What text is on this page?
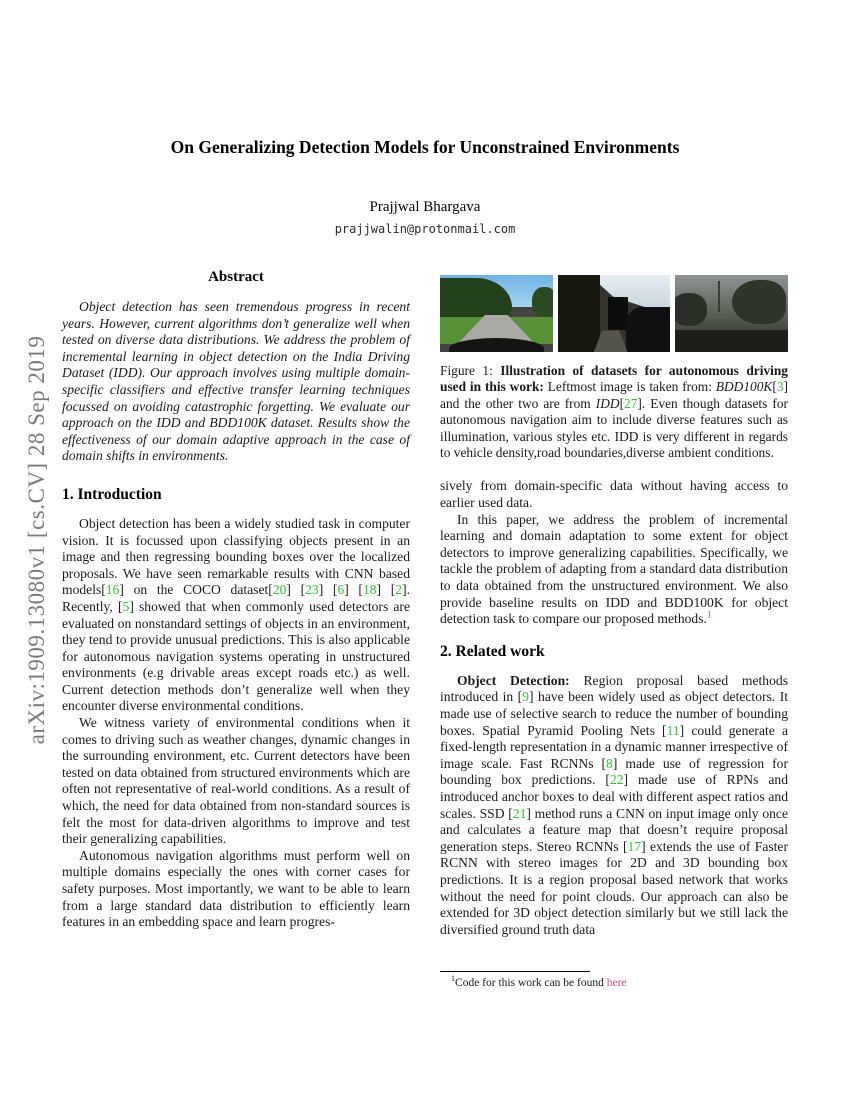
arXiv:1909.13080v1 [cs.CV] 28 Sep 2019
On Generalizing Detection Models for Unconstrained Environments
Prajjwal Bhargava
prajjwalin@protonmail.com
Abstract

Object detection has seen tremendous progress in recent years. However, current algorithms don’t generalize well when tested on diverse data distributions. We address the problem of incremental learning in object detection on the India Driving Dataset (IDD). Our approach involves using multiple domain-specific classifiers and effective transfer learning techniques focussed on avoiding catastrophic forgetting. We evaluate our approach on the IDD and BDD100K dataset. Results show the effectiveness of our domain adaptive approach in the case of domain shifts in environments.

1. Introduction

Object detection has been a widely studied task in computer vision. It is focussed upon classifying objects present in an image and then regressing bounding boxes over the localized proposals. We have seen remarkable results with CNN based models[16] on the COCO dataset[20] [23] [6] [18] [2]. Recently, [5] showed that when commonly used detectors are evaluated on nonstandard settings of objects in an environment, they tend to provide unusual predictions. This is also applicable for autonomous navigation systems operating in unstructured environments (e.g drivable areas except roads etc.) as well. Current detection methods don’t generalize well when they encounter diverse environmental conditions.

We witness variety of environmental conditions when it comes to driving such as weather changes, dynamic changes in the surrounding environment, etc. Current detectors have been tested on data obtained from structured environments which are often not representative of real-world conditions. As a result of which, the need for data obtained from non-standard sources is felt the most for data-driven algorithms to improve and test their generalizing capabilities.

Autonomous navigation algorithms must perform well on multiple domains especially the ones with corner cases for safety purposes. Most importantly, we want to be able to learn from a large standard data distribution to efficiently learn features in an embedding space and learn progres-

Figure 1: Illustration of datasets for autonomous driving used in this work: Leftmost image is taken from: BDD100K[3] and the other two are from IDD[27]. Even though datasets for autonomous navigation aim to include diverse features such as illumination, various styles etc. IDD is very different in regards to vehicle density,road boundaries,diverse ambient conditions.

sively from domain-specific data without having access to earlier used data.

In this paper, we address the problem of incremental learning and domain adaptation to some extent for object detectors to improve generalizing capabilities. Specifically, we tackle the problem of adapting from a standard data distribution to data obtained from the unstructured environment. We also provide baseline results on IDD and BDD100K for object detection task to compare our proposed methods.$^1$

2. Related work

Object Detection: Region proposal based methods introduced in [9] have been widely used as object detectors. It made use of selective search to reduce the number of bounding boxes. Spatial Pyramid Pooling Nets [11] could generate a fixed-length representation in a dynamic manner irrespective of image scale. Fast RCNNs [8] made use of regression for bounding box predictions. [22] made use of RPNs and introduced anchor boxes to deal with different aspect ratios and scales. SSD [21] method runs a CNN on input image only once and calculates a feature map that doesn’t require proposal generation steps. Stereo RCNNs [17] extends the use of Faster RCNN with stereo images for 2D and 3D bounding box predictions. It is a region proposal based network that works without the need for point clouds. Our approach can also be extended for 3D object detection similarly but we still lack the diversified ground truth data

$^1$Code for this work can be found here
